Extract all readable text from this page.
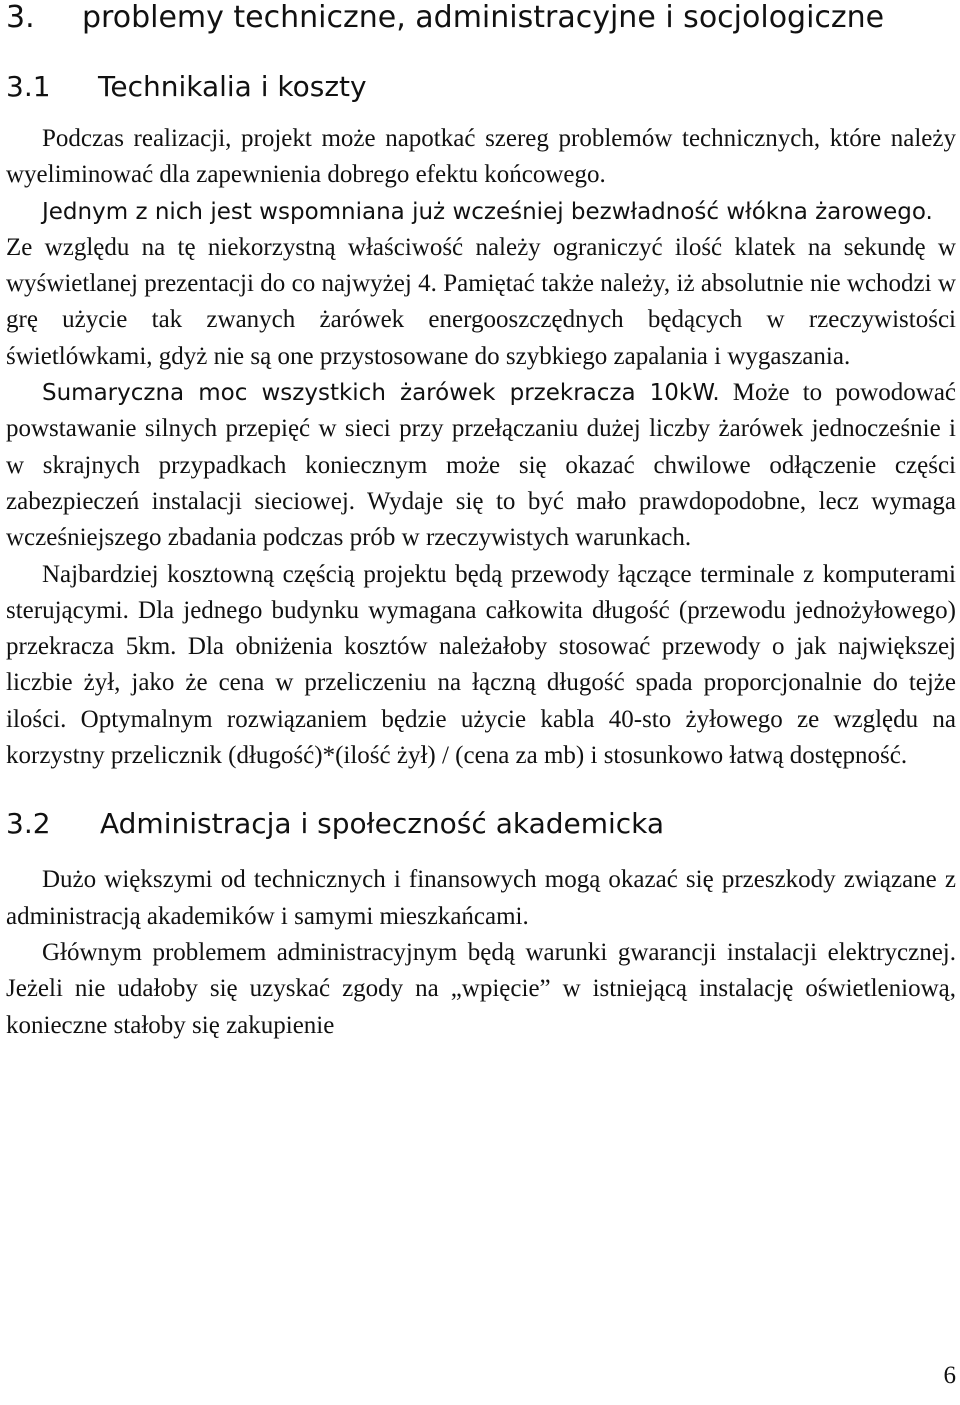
3.	problemy techniczne, administracyjne i socjologiczne
3.1	Technikalia i koszty

Podczas realizacji, projekt może napotkać szereg problemów technicznych, które należy wyeliminować dla zapewnienia dobrego efektu końcowego.

Jednym z nich jest wspomniana już wcześniej bezwładność włókna żarowego.

Ze względu na tę niekorzystną właściwość należy ograniczyć ilość klatek na sekundę w wyświetlanej prezentacji do co najwyżej 4. Pamiętać także należy, iż absolutnie nie wchodzi w grę użycie tak zwanych żarówek energooszczędnych będących w rzeczywistości świetlówkami, gdyż nie są one przystosowane do szybkiego zapalania i wygaszania.

Sumaryczna moc wszystkich żarówek przekracza 10kW. Może to powodować powstawanie silnych przepięć w sieci przy przełączaniu dużej liczby żarówek jednocześnie i w skrajnych przypadkach koniecznym może się okazać chwilowe odłączenie części zabezpieczeń instalacji sieciowej. Wydaje się to być mało prawdopodobne, lecz wymaga wcześniejszego zbadania podczas prób w rzeczywistych warunkach.

Najbardziej kosztowną częścią projektu będą przewody łączące terminale z komputerami sterującymi. Dla jednego budynku wymagana całkowita długość (przewodu jednożyłowego) przekracza 5km. Dla obniżenia kosztów należałoby stosować przewody o jak największej liczbie żył, jako że cena w przeliczeniu na łączną długość spada proporcjonalnie do tejże ilości. Optymalnym rozwiązaniem będzie użycie kabla 40-sto żyłowego ze względu na korzystny przelicznik (długość)*(ilość żył) / (cena za mb) i stosunkowo łatwą dostępność.

3.2	Administracja i społeczność akademicka

Dużo większymi od technicznych i finansowych mogą okazać się przeszkody związane z administracją akademików i samymi mieszkańcami.

Głównym problemem administracyjnym będą warunki gwarancji instalacji elektrycznej. Jeżeli nie udałoby się uzyskać zgody na „wpięcie” w istniejącą instalację oświetleniową, konieczne stałoby się zakupienie

6
